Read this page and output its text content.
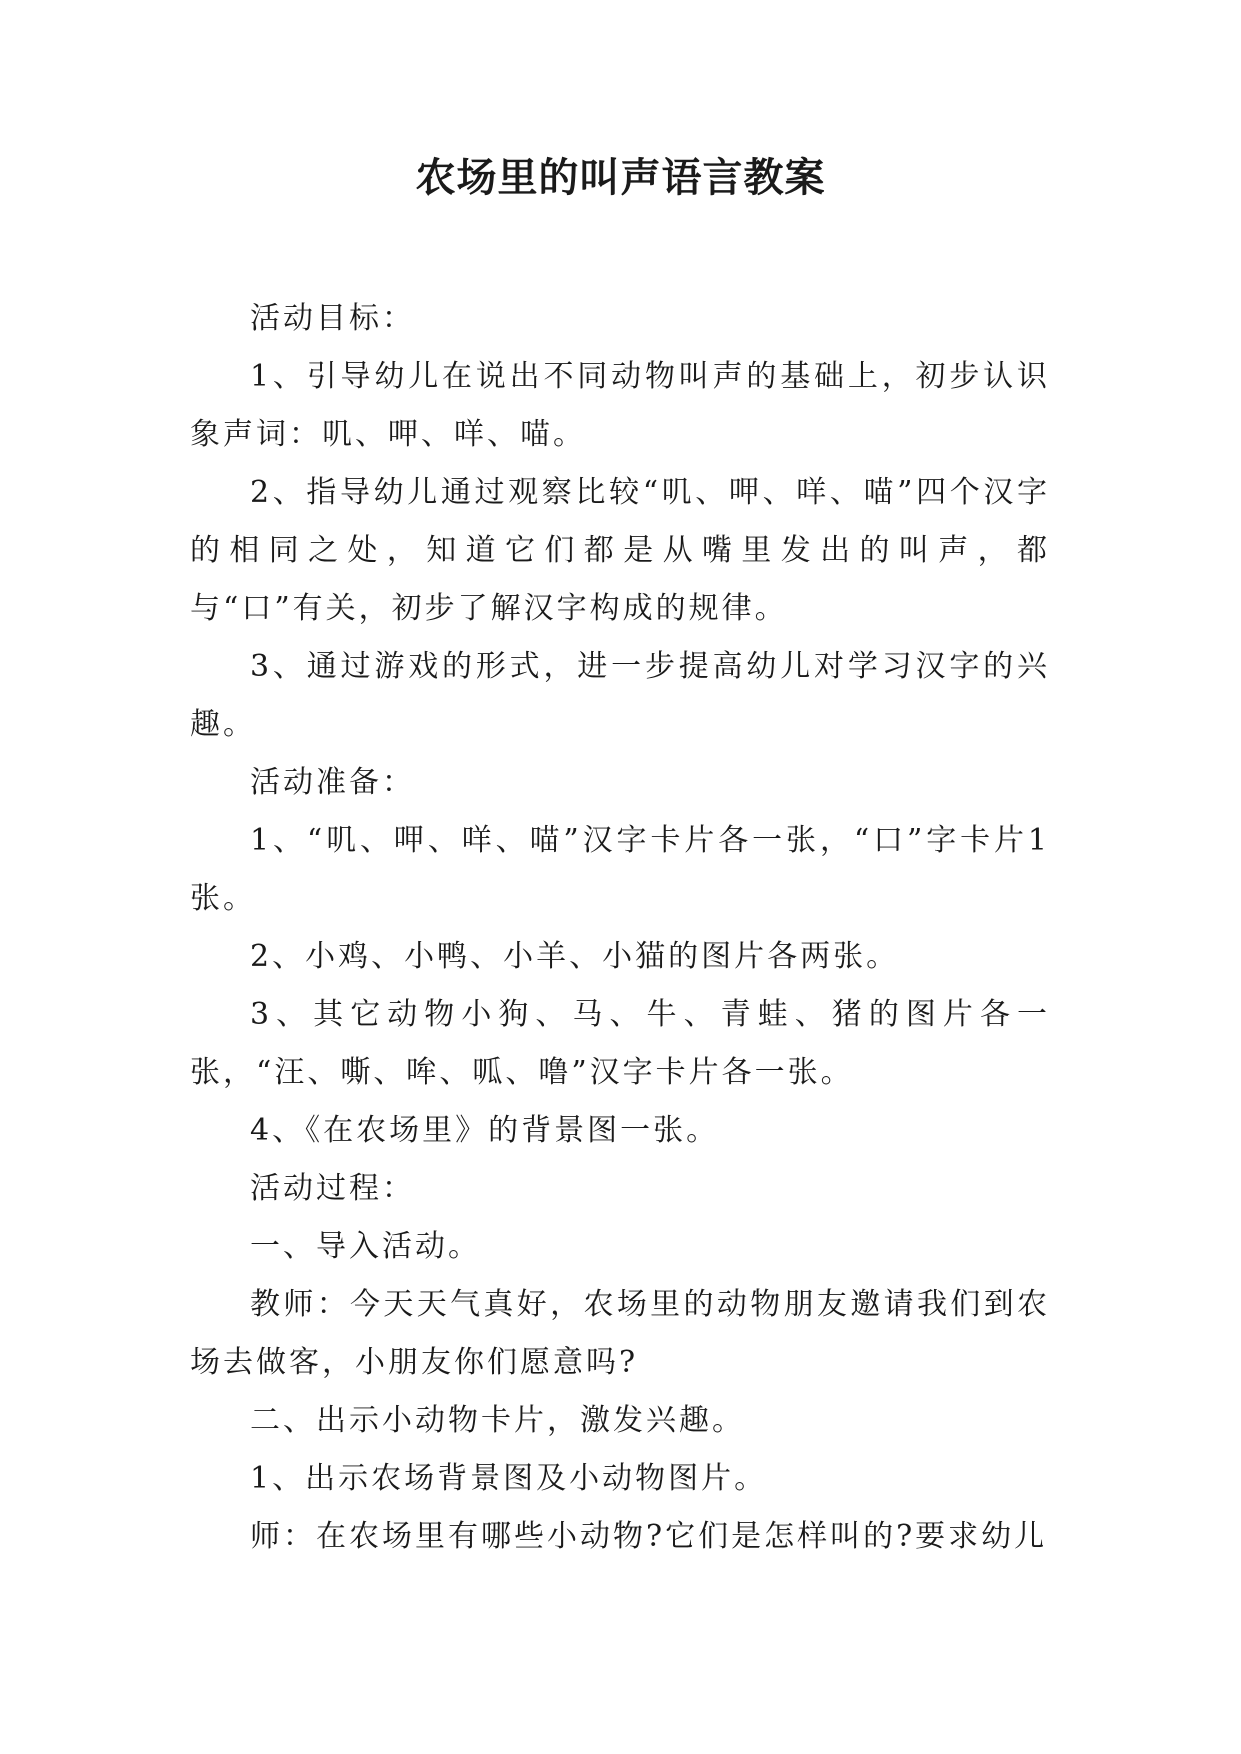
农场里的叫声语言教案

活动目标：

1、引导幼儿在说出不同动物叫声的基础上，初步认识象声词：叽、呷、咩、喵。

2、指导幼儿通过观察比较“叽、呷、咩、喵”四个汉字的相同之处，知道它们都是从嘴里发出的叫声，都与“口”有关，初步了解汉字构成的规律。

3、通过游戏的形式，进一步提高幼儿对学习汉字的兴趣。

活动准备：

1、“叽、呷、咩、喵”汉字卡片各一张，“口”字卡片1张。

2、小鸡、小鸭、小羊、小猫的图片各两张。

3、其它动物小狗、马、牛、青蛙、猪的图片各一张，“汪、嘶、哞、呱、噜”汉字卡片各一张。

4、《在农场里》的背景图一张。

活动过程：

一、导入活动。

教师：今天天气真好，农场里的动物朋友邀请我们到农场去做客，小朋友你们愿意吗?

二、出示小动物卡片，激发兴趣。

1、出示农场背景图及小动物图片。

师：在农场里有哪些小动物?它们是怎样叫的?要求幼儿
